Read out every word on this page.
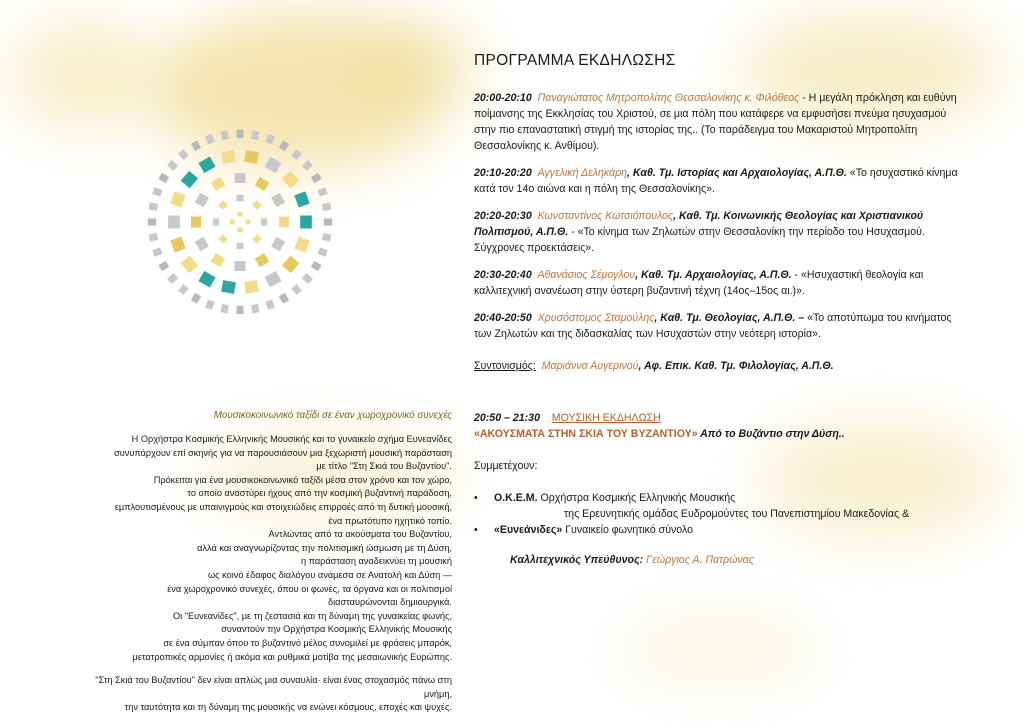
ΠΡΟΓΡΑΜΜΑ ΕΚΔΗΛΩΣΗΣ
20:00-20:10 Παναγιώτατος Μητροπολίτης Θεσσαλονίκης κ. Φιλόθεος - Η μεγάλη πρόκληση και ευθύνη ποίμανσης της Εκκλησίας του Χριστού, σε μια πόλη που κατάφερε να εμφυσήσει πνεύμα ησυχασμού στην πιο επαναστατική στιγμή της ιστορίας της.. (Το παράδειγμα του Μακαριστού Μητροπολίτη Θεσσαλονίκης κ. Ανθίμου).
20:10-20:20 Αγγελική Δεληκάρη, Καθ. Τμ. Ιστορίας και Αρχαιολογίας, Α.Π.Θ. «Το ησυχαστικό κίνημα κατά τον 14ο αιώνα και η πόλη της Θεσσαλονίκης».
20:20-20:30 Κωνσταντίνος Κωτσιόπουλος, Καθ. Τμ. Κοινωνικής Θεολογίας και Χριστιανικού Πολιτισμού, Α.Π.Θ. - «Το κίνημα των Ζηλωτών στην Θεσσαλονίκη την περίοδο του Ησυχασμού. Σύγχρονες προεκτάσεις».
20:30-20:40 Αθανάσιος Σέμογλου, Καθ. Τμ. Αρχαιολογίας, Α.Π.Θ. - «Ησυχαστική θεολογία και καλλιτεχνική ανανέωση στην ύστερη βυζαντινή τέχνη (14ος–15ος αι.)».
20:40-20:50 Χρυσόστομος Σταμούλης, Καθ. Τμ. Θεολογίας, Α.Π.Θ. – «Το αποτύπωμα του κινήματος των Ζηλωτών και της διδασκαλίας των Ησυχαστών στην νεότερη ιστορία».
Συντονισμός: Μαριάννα Αυγερινού, Αφ. Επικ. Καθ. Τμ. Φιλολογίας, Α.Π.Θ.
Μουσικοκοινωνικό ταξίδι σε έναν χωροχρονικό συνεχές

Η Ορχήστρα Κοσμικής Ελληνικής Μουσικής και το γυναικείο σχήμα Ευνεανίδες

συνυπάρχουν επί σκηνής για να παρουσιάσουν μια ξεχωριστή μουσική παράσταση

με τίτλο "Στη Σκιά του Βυζαντίου".

Πρόκειται για ένα μουσικοκοινωνικό ταξίδι μέσα στον χρόνο και τον χώρο,

το οποίο αναστύρει ήχους από την κοσμική βυζαντινή παράδοση,

εμπλουτισμένους με υπαινιγμούς και στοιχειώδεις επιρροές από τη δυτική μουσική,

ένα πρωτότυπο ηχητικό τοπίο.

Αντλώντας από τα ακούσματα του Βυζαντίου,

αλλά και αναγνωρίζοντας την πολιτισμική ώσμωση με τη Δύση,

η παράσταση αναδεικνύει τη μουσική

ως κοινό έδαφος διαλόγου ανάμεσα σε Ανατολή και Δύση —

ένα χωροχρονικό συνεχές, όπου οι φωνές, τα όργανα και οι πολιτισμοί

διασταυρώνονται δημιουργικά.

Οι "Ευνεανίδες", με τη ζεστασιά και τη δύναμη της γυναικείας φωνής,

συναντούν την Ορχήστρα Κοσμικής Ελληνικής Μουσικής

σε ένα σύμπαν όπου το βυζαντινό μέλος συνομιλεί με φράσεις μπαρόκ,

μετατροπικές αρμονίες ή ακόμα και ρυθμικά μοτίβα της μεσαιωνικής Ευρώπης.

"Στη Σκιά του Βυζαντίου" δεν είναι απλώς μια συναυλία· είναι ένας στοχασμός πάνω στη μνήμη,

την ταυτότητα και τη δύναμη της μουσικής να ενώνει κόσμους, εποχές και ψυχές.

20:50 – 21:30 ΜΟΥΣΙΚΗ ΕΚΔΗΛΩΣΗ
«ΑΚΟΥΣΜΑΤΑ ΣΤΗΝ ΣΚΙΑ ΤΟΥ ΒΥΖΑΝΤΙΟΥ» Από το Βυζάντιο στην Δύση..
Συμμετέχουν:
• Ο.Κ.Ε.Μ. Ορχήστρα Κοσμικής Ελληνικής Μουσικής
της Ερευνητικής ομάδας Ευδρομούντες του Πανεπιστημίου Μακεδονίας &
• «Ευνεάνιδες» Γυναικείο φωνητικό σύνολο
Καλλιτεχνικός Υπεύθυνος: Γεώργιος Α. Πατρώνας
